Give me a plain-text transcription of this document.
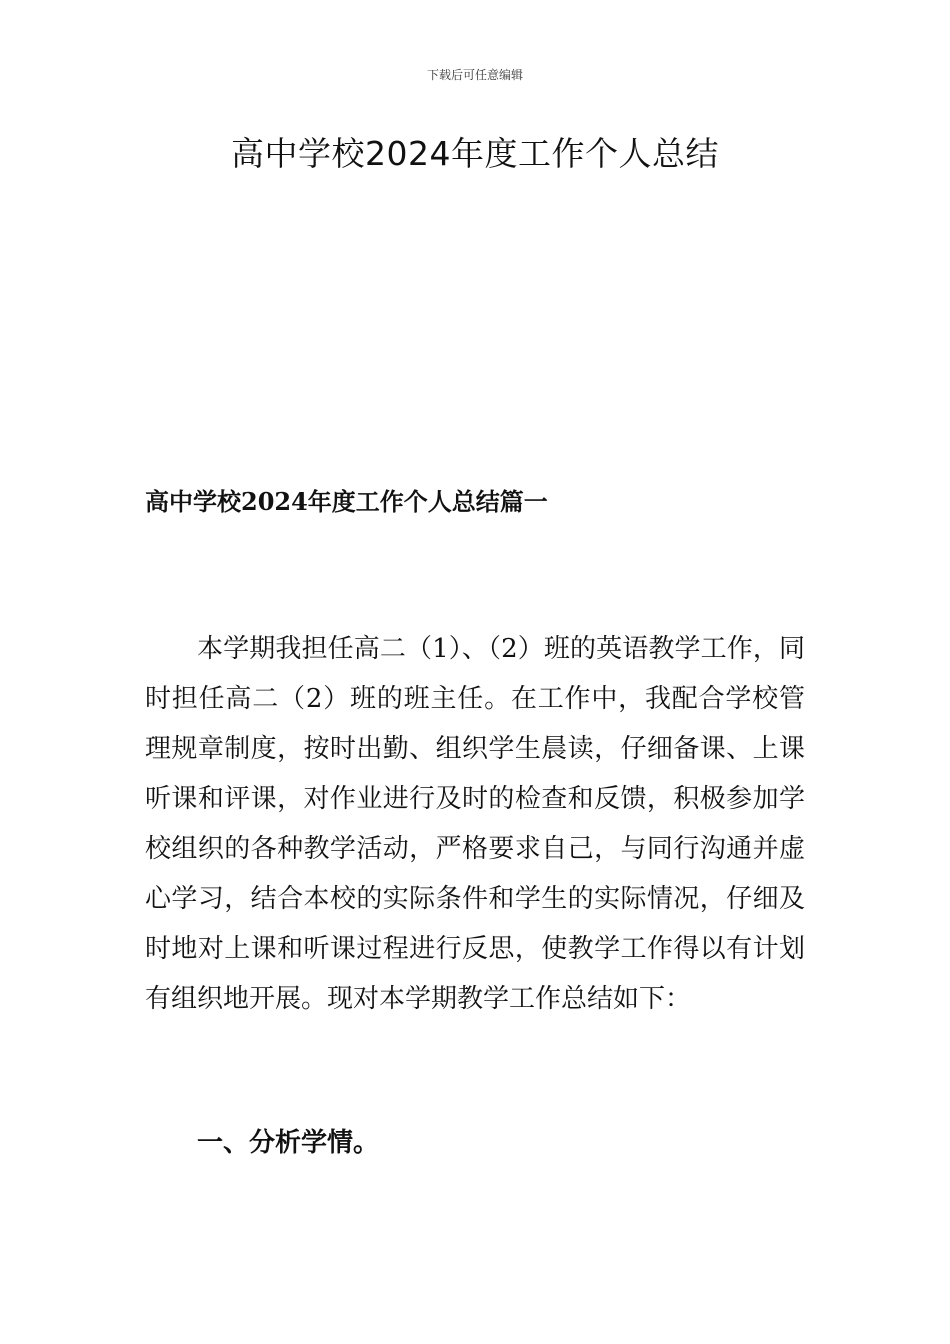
下载后可任意编辑
高中学校2024年度工作个人总结
高中学校2024年度工作个人总结篇一

本学期我担任高二（1）、（2）班的英语教学工作，同时担任高二（2）班的班主任。在工作中，我配合学校管理规章制度，按时出勤、组织学生晨读，仔细备课、上课听课和评课，对作业进行及时的检查和反馈，积极参加学校组织的各种教学活动，严格要求自己，与同行沟通并虚心学习，结合本校的实际条件和学生的实际情况，仔细及时地对上课和听课过程进行反思，使教学工作得以有计划有组织地开展。现对本学期教学工作总结如下：

一、分析学情。
